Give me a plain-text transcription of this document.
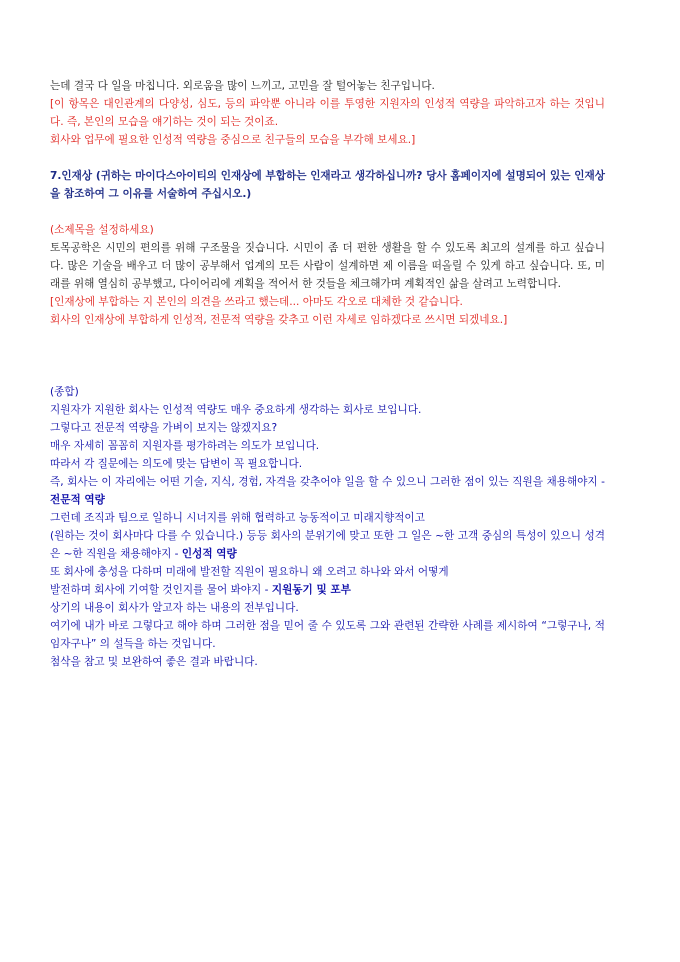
는데 결국 다 일을 마칩니다. 외로움을 많이 느끼고, 고민을 잘 털어놓는 친구입니다.

[이 항목은 대인관계의 다양성, 심도, 등의 파악뿐 아니라 이를 투영한 지원자의 인성적 역량을 파악하고자 하는 것입니다. 즉, 본인의 모습을 얘기하는 것이 되는 것이죠.
회사와 업무에 필요한 인성적 역량을 중심으로 친구들의 모습을 부각해 보세요.]

7.인재상 (귀하는 마이다스아이티의 인재상에 부합하는 인재라고 생각하십니까? 당사 홈페이지에 설명되어 있는 인재상을 참조하여 그 이유를 서술하여 주십시오.)

(소제목을 설정하세요)

토목공학은 시민의 편의를 위해 구조물을 짓습니다. 시민이 좀 더 편한 생활을 할 수 있도록 최고의 설계를 하고 싶습니다. 많은 기술을 배우고 더 많이 공부해서 업계의 모든 사람이 설계하면 제 이름을 떠올릴 수 있게 하고 싶습니다. 또, 미래를 위해 열심히 공부했고, 다이어리에 계획을 적어서 한 것들을 체크해가며 계획적인 삶을 살려고 노력합니다.

[인재상에 부합하는 지 본인의 의견을 쓰라고 했는데... 아마도 각오로 대체한 것 같습니다.
회사의 인재상에 부합하게 인성적, 전문적 역량을 갖추고 이런 자세로 임하겠다로 쓰시면 되겠네요.]

(종합)

지원자가 지원한 회사는 인성적 역량도 매우 중요하게 생각하는 회사로 보입니다.

그렇다고 전문적 역량을 가벼이 보지는 않겠지요?

매우 자세히 꼼꼼히 지원자를 평가하려는 의도가 보입니다.

따라서 각 질문에는 의도에 맞는 답변이 꼭 필요합니다.

즉, 회사는 이 자리에는 어떤 기술, 지식, 경험, 자격을 갖추어야 일을 할 수 있으니 그러한 점이 있는 직원을 채용해야지 - 전문적 역량

그런데 조직과 팀으로 일하니 시너지를 위해 협력하고 능동적이고 미래지향적이고

(원하는 것이 회사마다 다를 수 있습니다.) 등등 회사의 분위기에 맞고 또한 그 일은 ~한 고객 중심의 특성이 있으니 성격은 ~한 직원을 채용해야지 - 인성적 역량

또 회사에 충성을 다하며 미래에 발전할 직원이 필요하니 왜 오려고 하나와 와서 어떻게

발전하며 회사에 기여할 것인지를 물어 봐야지 - 지원동기 및 포부

상기의 내용이 회사가 알고자 하는 내용의 전부입니다.

여기에 내가 바로 그렇다고 해야 하며 그러한 점을 믿어 줄 수 있도록 그와 관련된 간략한 사례를 제시하여 “그렇구나, 적임자구나” 의 설득을 하는 것입니다.

첨삭을 참고 및 보완하여 좋은 결과 바랍니다.
